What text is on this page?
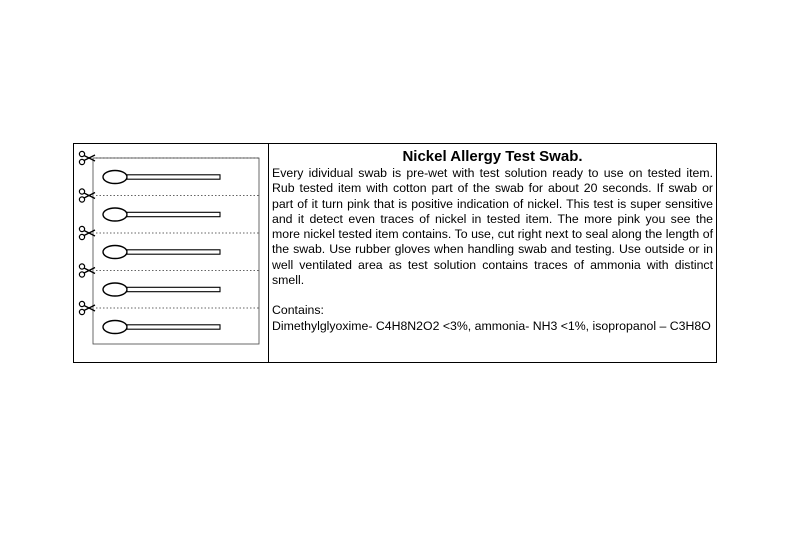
Nickel Allergy Test Swab.

Every idividual swab is pre-wet with test solution ready to use on tested item. Rub tested item with cotton part of the swab for about 20 seconds. If swab or part of it turn pink that is positive indication of nickel. This test is super sensitive and it detect even traces of nickel in tested item. The more pink you see the more nickel tested item contains. To use, cut right next to seal along the length of the swab. Use rubber gloves when handling swab and testing. Use outside or in well ventilated area as test solution contains traces of ammonia with distinct smell.

Contains:

Dimethylglyoxime- C4H8N2O2 <3%, ammonia- NH3 <1%, isopropanol – C3H8O
